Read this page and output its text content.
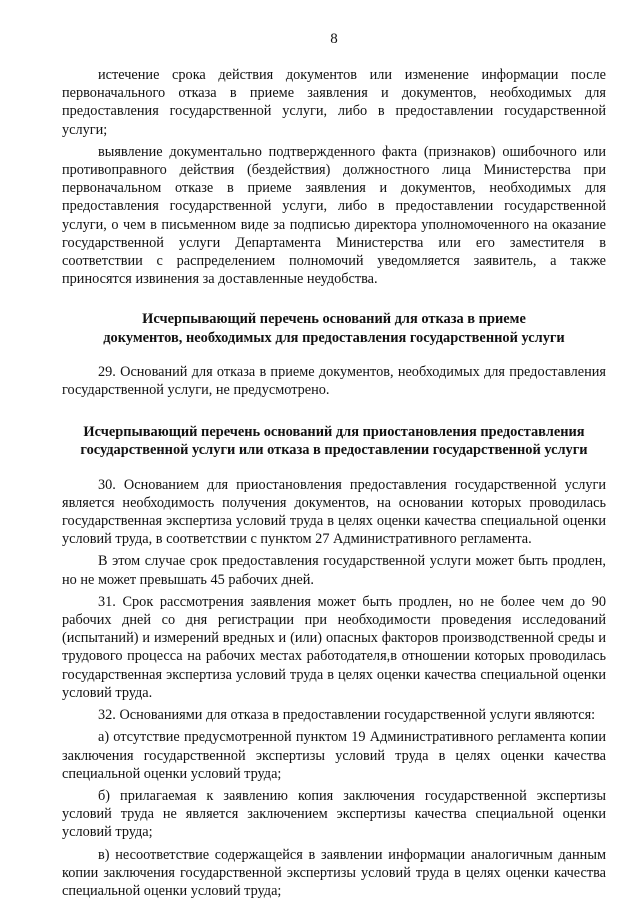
8

истечение срока действия документов или изменение информации после первоначального отказа в приеме заявления и документов, необходимых для предоставления государственной услуги, либо в предоставлении государственной услуги;

выявление документально подтвержденного факта (признаков) ошибочного или противоправного действия (бездействия) должностного лица Министерства при первоначальном отказе в приеме заявления и документов, необходимых для предоставления государственной услуги, либо в предоставлении государственной услуги, о чем в письменном виде за подписью директора уполномоченного на оказание государственной услуги Департамента Министерства или его заместителя в соответствии с распределением полномочий уведомляется заявитель, а также приносятся извинения за доставленные неудобства.

Исчерпывающий перечень оснований для отказа в приеме
документов, необходимых для предоставления государственной услуги

29. Оснований для отказа в приеме документов, необходимых для предоставления государственной услуги, не предусмотрено.

Исчерпывающий перечень оснований для приостановления предоставления
государственной услуги или отказа в предоставлении государственной услуги

30. Основанием для приостановления предоставления государственной услуги является необходимость получения документов, на основании которых проводилась государственная экспертиза условий труда в целях оценки качества специальной оценки условий труда, в соответствии с пунктом 27 Административного регламента.

В этом случае срок предоставления государственной услуги может быть продлен, но не может превышать 45 рабочих дней.

31. Срок рассмотрения заявления может быть продлен, но не более чем до 90 рабочих дней со дня регистрации при необходимости проведения исследований (испытаний) и измерений вредных и (или) опасных факторов производственной среды и трудового процесса на рабочих местах работодателя,в отношении которых проводилась государственная экспертиза условий труда в целях оценки качества специальной оценки условий труда.

32. Основаниями для отказа в предоставлении государственной услуги являются:

а) отсутствие предусмотренной пунктом 19 Административного регламента копии заключения государственной экспертизы условий труда в целях оценки качества специальной оценки условий труда;

б) прилагаемая к заявлению копия заключения государственной экспертизы условий труда не является заключением экспертизы качества специальной оценки условий труда;

в) несоответствие содержащейся в заявлении информации аналогичным данным копии заключения государственной экспертизы условий труда в целях оценки качества специальной оценки условий труда;
